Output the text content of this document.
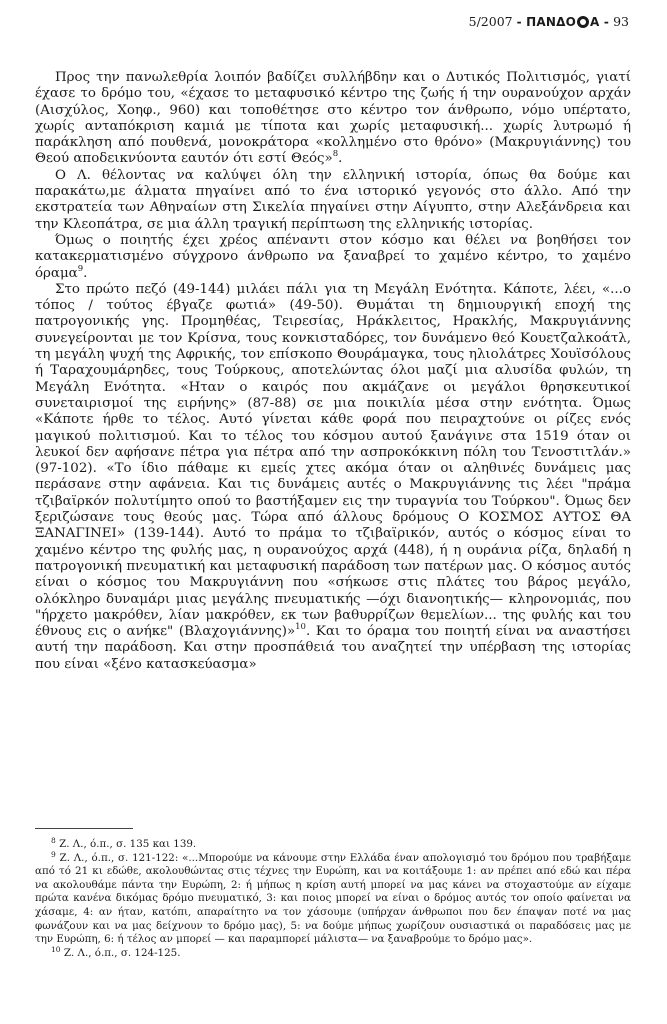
5/2007 - ΠΑΝΔΟ Α - 93

Προς την πανωλεθρία λοιπόν βαδίζει συλλήβδην και ο Δυτικός Πολιτισμός, γιατί έχασε το δρόμο του, «έχασε το μεταφυσικό κέντρο της ζωής ή την ουρανούχον αρχάν (Αισχύλος, Χοηφ., 960) και τοποθέτησε στο κέντρο τον άνθρωπο, νόμο υπέρτατο, χωρίς ανταπόκριση καμιά με τίποτα και χωρίς μεταφυσική... χωρίς λυτρωμό ή παράκληση από πουθενά, μονοκράτορα «κολλημένο στο θρόνο» (Μακρυγιάννης) του Θεού αποδεικνύοντα εαυτόν ότι εστί Θεός»$^8$.

Ο Λ. θέλοντας να καλύψει όλη την ελληνική ιστορία, όπως θα δούμε και παρακάτω,με άλματα πηγαίνει από το ένα ιστορικό γεγονός στο άλλο. Από την εκστρατεία των Αθηναίων στη Σικελία πηγαίνει στην Αίγυπτο, στην Αλεξάνδρεια και την Κλεοπάτρα, σε μια άλλη τραγική περίπτωση της ελληνικής ιστορίας.

Όμως ο ποιητής έχει χρέος απέναντι στον κόσμο και θέλει να βοηθήσει τον κατακερματισμένο σύγχρονο άνθρωπο να ξαναβρεί το χαμένο κέντρο, το χαμένο όραμα$^9$.

Στο πρώτο πεζό (49-144) μιλάει πάλι για τη Μεγάλη Ενότητα. Κάποτε, λέει, «...ο τόπος / τούτος έβγαζε φωτιά» (49-50). Θυμάται τη δημιουργική εποχή της πατρογονικής γης. Προμηθέας, Τειρεσίας, Ηράκλειτος, Ηρακλής, Μακρυγιάννης συνεγείρονται με τον Κρίσνα, τους κονκισταδόρες, τον δυνάμενο θεό Κουετζαλκοάτλ, τη μεγάλη ψυχή της Αφρικής, τον επίσκοπο Θουράμαγκα, τους ηλιολάτρες Χουϊσόλους ή Ταραχουμάρηδες, τους Τούρκους, αποτελώντας όλοι μαζί μια αλυσίδα φυλών, τη Μεγάλη Ενότητα. «Ηταν ο καιρός που ακμάζανε οι μεγάλοι θρησκευτικοί συνεταιρισμοί της ειρήνης» (87-88) σε μια ποικιλία μέσα στην ενότητα. Όμως «Κάποτε ήρθε το τέλος. Αυτό γίνεται κάθε φορά που πειραχτούνε οι ρίζες ενός μαγικού πολιτισμού. Και το τέλος του κόσμου αυτού ξανάγινε στα 1519 όταν οι λευκοί δεν αφήσανε πέτρα για πέτρα από την ασπροκόκκινη πόλη του Τενοστιτλάν.» (97-102). «Το ίδιο πάθαμε κι εμείς χτες ακόμα όταν οι αληθινές δυνάμεις μας περάσανε στην αφάνεια. Και τις δυνάμεις αυτές ο Μακρυγιάννης τις λέει "πράμα τζιβαϊρκόν πολυτίμητο οπού το βαστήξαμεν εις την τυραγνία του Τούρκου". Όμως δεν ξεριζώσανε τους θεούς μας. Τώρα από άλλους δρόμους Ο ΚΟΣΜΟΣ ΑΥΤΟΣ ΘΑ ΞΑΝΑΓΙΝΕΙ» (139-144). Αυτό το πράμα το τζιβαϊρικόν, αυτός ο κόσμος είναι το χαμένο κέντρο της φυλής μας, η ουρανούχος αρχά (448), ή η ουράνια ρίζα, δηλαδή η πατρογονική πνευματική και μεταφυσική παράδοση των πατέρων μας. Ο κόσμος αυτός είναι ο κόσμος του Μακρυγιάννη που «σήκωσε στις πλάτες του βάρος μεγάλο, ολόκληρο δυναμάρι μιας μεγάλης πνευματικής —όχι διανοητικής— κληρονομιάς, που "ήρχετο μακρόθεν, λίαν μακρόθεν, εκ των βαθυρρίζων θεμελίων... της φυλής και του έθνους εις ο ανήκε" (Βλαχογιάννης)»$^{10}$. Και το όραμα του ποιητή είναι να αναστήσει αυτή την παράδοση. Και στην προσπάθειά του αναζητεί την υπέρβαση της ιστορίας που είναι «ξένο κατασκεύασμα»

$^8$ Ζ. Λ., ό.π., σ. 135 και 139.

$^9$ Ζ. Λ., ό.π., σ. 121-122: «...Μπορούμε να κάνουμε στην Ελλάδα έναν απολογισμό του δρόμου που τραβήξαμε από τό 21 κι εδώθε, ακολουθώντας στις τέχνες την Ευρώπη, και να κοιτάξουμε 1: αν πρέπει από εδώ και πέρα να ακολουθάμε πάντα την Ευρώπη, 2: ή μήπως η κρίση αυτή μπορεί να μας κάνει να στοχαστούμε αν είχαμε πρώτα κανένα δικόμας δρόμο πνευματικό, 3: και ποιος μπορεί να είναι ο δρόμος αυτός τον οποίο φαίνεται να χάσαμε, 4: αν ήταν, κατόπι, απαραίτητο να τον χάσουμε (υπήρχαν άνθρωποι που δεν έπαψαν ποτέ να μας φωνάζουν και να μας δείχνουν το δρόμο μας), 5: να δούμε μήπως χωρίζουν ουσιαστικά οι παραδόσεις μας με την Ευρώπη, 6: ή τέλος αν μπορεί — και παραμπορεί μάλιστα— να ξαναβρούμε το δρόμο μας».

$^{10}$ Ζ. Λ., ό.π., σ. 124-125.
